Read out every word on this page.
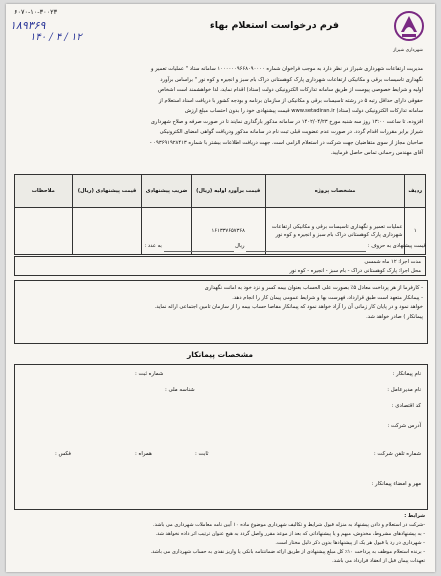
۶۰۷۰-۱۰-۳۰۰۲۳
۱۸۹۳۶۹
۱۲ / ۴ / ۱۴۰
فرم درخواست استعلام بهاء
شهرداری شیراز
مدیریت ارتفاعات شهرداری شیراز در نظر دارد به موجب فراخوان شماره ۱۰۰۰۰۰۰۹۶۶۸۰۹۰۰۰۰ سامانه ستاد " عملیات تعمیر و
نگهداری تاسیسات برقی و مکانیکی ارتفاعات شهرداری پارک کوهستانی دراک بام سبز و انجیره و کوه نور " براساس برآورد
اولیه و شرایط خصوصی پیوست از طریق سامانه تدارکات الکترونیکی دولت (ستاد) اقدام نماید، لذا خواهشمند است اشخاص
حقوقی دارای حداقل رتبه ۵ در رشته تاسیسات برقی و مکانیکی از سازمان برنامه و بودجه کشور با دریافت اسناد استعلام از
سامانه تدارکات الکترونیکی دولت (ستاد) www.setadiran.ir قیمت پیشنهادی خود را بدون احتساب مبلغ ارزش
افزوده، تا ساعت ۱۳:۰۰ روز سه شنبه مورخ ۱۴۰۲/۰۴/۲۳ در سامانه مذکور بارگذاری نمایند تا در صورت صرفه و صلاح شهرداری
شیراز برابر مقررات اقدام گردد. در صورت عدم عضویت قبلی ثبت نام در سامانه مذکور ودریافت گواهی امضای الکترونیکی
صاحبان مجاز از سوی متقاضیان جهت شرکت در استعلام الزامی است. جهت دریافت اطلاعات بیشتر با شماره ۰۹۳۶۹۱۹۲۸۴۱۳ -
آقای مهندس رحمانی تماس حاصل فرمایید.
ردیف	مشخصات پروژه	قیمت برآورد اولیه (ریال)	ضریب پیشنهادی	قیمت پیشنهادی (ریال)	ملاحظات
۱	عملیات تعمیر و نگهداری تاسیسات برقی و مکانیکی ارتفاعات شهرداری پارک کوهستانی دراک بام سبز و انجیره و کوه نور	۱۶۱۳۳۷۶۵۷۳۶۸			
قیمت پیشنهادی به حروف :   ریال   به عدد :
مدت اجرا: ۱۲ ماه شمسی
محل اجرا: پارک کوهستانی دراک - بام سبز - انجیره - کوه نور
- کارفرما از هر پرداخت معادل ۵٪ بصورت علی الحساب بعنوان بیمه کسر و نزد خود به امانت نگهداری
- پیمانکار متعهد است طبق قرارداد، فهرست بها و شرایط عمومی پیمان کار را انجام دهد.
خواهد نمود و در پایان کار زمانی آن را آزاد خواهد نمود که پیمانکار مفاصا حساب بیمه را از سازمان تامین اجتماعی ارائه نماید.
پیمانکار ) صادر خواهد شد.
مشخصات پیمانکار
نام پیمانکار :
شماره ثبت :
نام مدیرعامل :
شناسه ملی :
کد اقتصادی :
آدرس شرکت :
شماره تلفن شرکت :
ثابت :
همراه :
فکس :
مهر و امضاء پیمانکار :
شرایط :
-شرکت در استعلام و دادن پیشنهاد به منزله قبول شرایط و تکالیف شهرداری موضوع ماده ۱۰ آیین نامه معاملات شهرداری می باشد.
- به پیشنهادهای مشروط، مخدوش، مبهم و یا پیشنهاداتی که بعد از موعد مقرر واصل گردد به هیچ عنوان ترتیب اثر داده نخواهد شد.
- شهرداری در رد یا قبول هر یک از پیشنهادها بدون ذکر دلیل مختار است.
- برنده استعلام موظف به پرداخت ۱۰٪ کل مبلغ پیشنهادی از طریق ارائه ضمانتنامه بانکی یا واریز نقدی به حساب شهرداری می باشد.
تعهدات پیمان قبل از انعقاد قرارداد می باشد.
